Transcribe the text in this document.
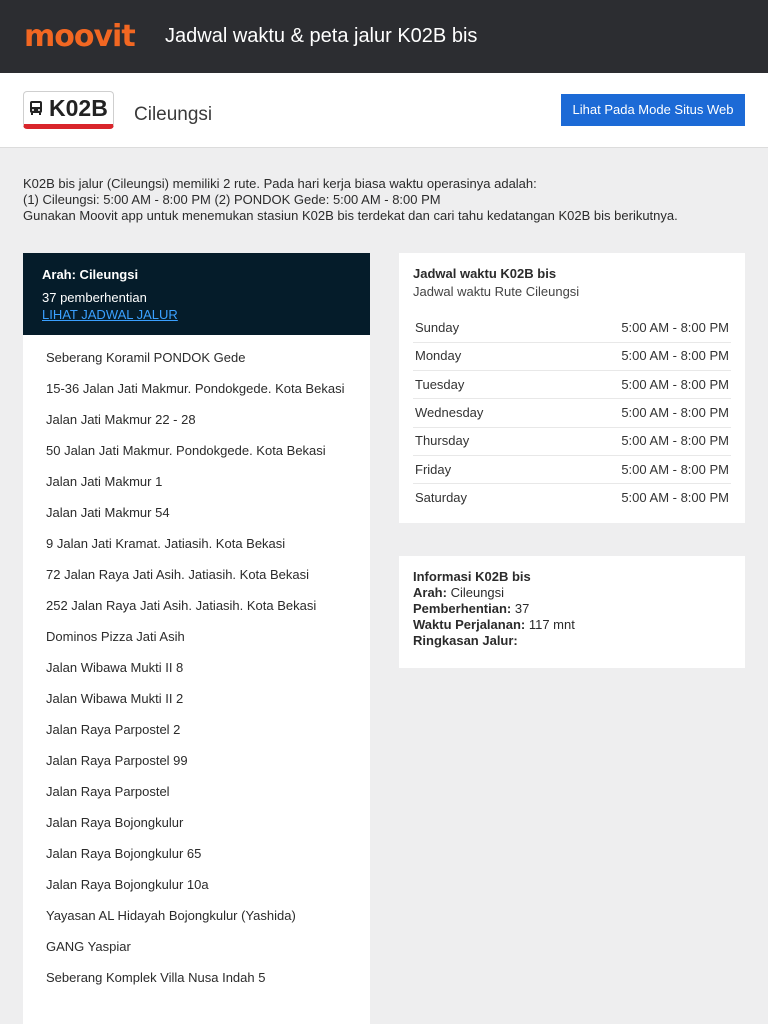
moovit Jadwal waktu & peta jalur K02B bis
K02B Cileungsi	Lihat Pada Mode Situs Web

K02B bis jalur (Cileungsi) memiliki 2 rute. Pada hari kerja biasa waktu operasinya adalah:

(1) Cileungsi: 5:00 AM - 8:00 PM (2) PONDOK Gede: 5:00 AM - 8:00 PM

Gunakan Moovit app untuk menemukan stasiun K02B bis terdekat dan cari tahu kedatangan K02B bis berikutnya.

Arah: Cileungsi
37 pemberhentian
LIHAT JADWAL JALUR
Seberang Koramil PONDOK Gede
15-36 Jalan Jati Makmur. Pondokgede. Kota Bekasi
Jalan Jati Makmur 22 - 28
50 Jalan Jati Makmur. Pondokgede. Kota Bekasi
Jalan Jati Makmur 1
Jalan Jati Makmur 54
9 Jalan Jati Kramat. Jatiasih. Kota Bekasi
72 Jalan Raya Jati Asih. Jatiasih. Kota Bekasi
252 Jalan Raya Jati Asih. Jatiasih. Kota Bekasi
Dominos Pizza Jati Asih
Jalan Wibawa Mukti II 8
Jalan Wibawa Mukti II 2
Jalan Raya Parpostel 2
Jalan Raya Parpostel 99
Jalan Raya Parpostel
Jalan Raya Bojongkulur
Jalan Raya Bojongkulur 65
Jalan Raya Bojongkulur 10a
Yayasan AL Hidayah Bojongkulur (Yashida)
GANG Yaspiar
Seberang Komplek Villa Nusa Indah 5
Jadwal waktu K02B bis
Jadwal waktu Rute Cileungsi
Sunday	5:00 AM - 8:00 PM
Monday	5:00 AM - 8:00 PM
Tuesday	5:00 AM - 8:00 PM
Wednesday	5:00 AM - 8:00 PM
Thursday	5:00 AM - 8:00 PM
Friday	5:00 AM - 8:00 PM
Saturday	5:00 AM - 8:00 PM
Informasi K02B bis
Arah: Cileungsi
Pemberhentian: 37
Waktu Perjalanan: 117 mnt
Ringkasan Jalur:
